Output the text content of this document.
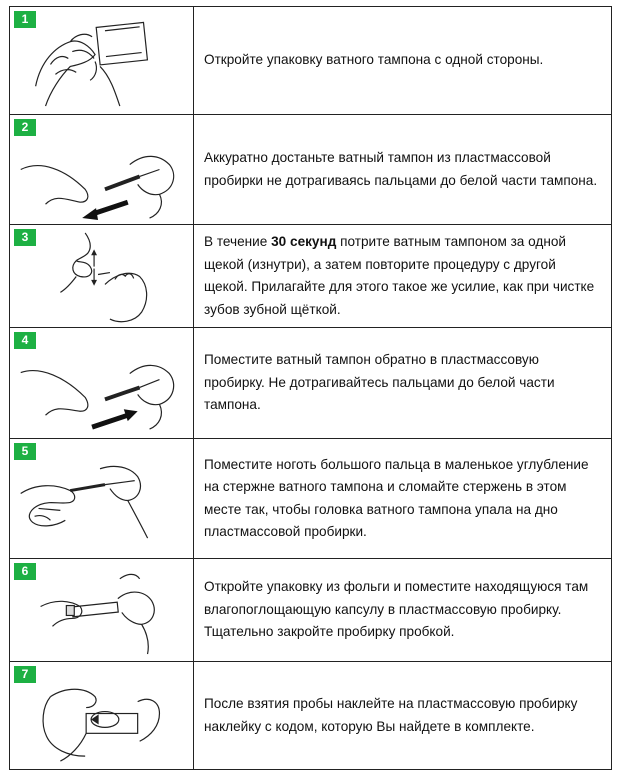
1	Откройте упаковку ватного тампона с одной стороны.

2	Аккуратно достаньте ватный тампон из пластмассовой пробирки не дотрагиваясь пальцами до белой части тампона.

3	В течение 30 секунд потрите ватным тампоном за одной щекой (изнутри), а затем повторите процедуру с другой щекой. Прилагайте для этого такое же усилие, как при чистке зубов зубной щёткой.

4	Поместите ватный тампон обратно в пластмассовую пробирку. Не дотрагивайтесь пальцами до белой части тампона.

5	Поместите ноготь большого пальца в маленькое углубление на стержне ватного тампона и сломайте стержень в этом месте так, чтобы головка ватного тампона упала на дно пластмассовой пробирки.

6	Откройте упаковку из фольги и поместите находящуюся там влагопоглощающую капсулу в пластмассовую пробирку. Тщательно закройте пробирку пробкой.

7	После взятия пробы наклейте на пластмассовую пробирку наклейку с кодом, которую Вы найдете в комплекте.
